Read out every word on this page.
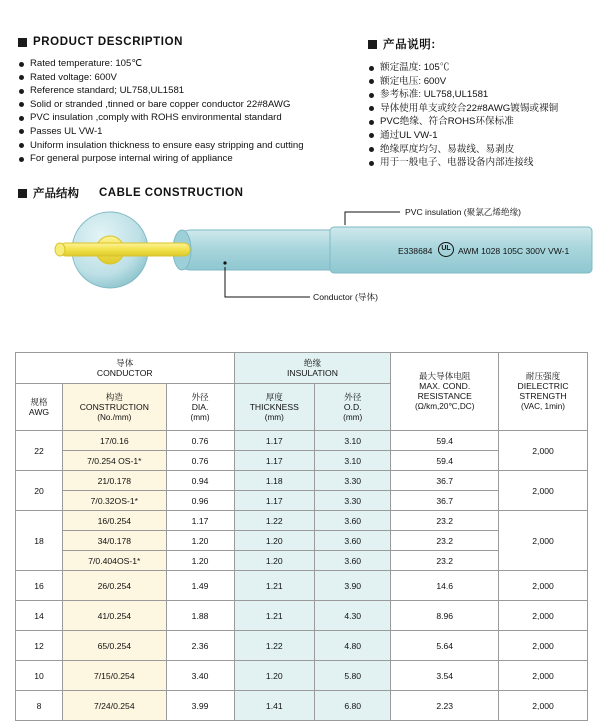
PRODUCT DESCRIPTION
Rated temperature: 105℃
Rated voltage: 600V
Reference standard; UL758,UL1581
Solid or stranded ,tinned or bare copper conductor 22#8AWG
PVC insulation ,comply with ROHS environmental standard
Passes UL VW-1
Uniform insulation thickness to ensure easy stripping and cutting
For general purpose internal wiring of appliance
产品说明:
额定温度: 105℃
额定电压: 600V
参考标准: UL758,UL1581
导体使用单支或绞合22#8AWG镀锡或裸铜
PVC绝缘、符合ROHS环保标准
通过UL VW-1
绝缘厚度均匀、易裁线、易剥皮
用于一般电子、电器设备内部连接线
产品结构 CABLE CONSTRUCTION
PVC insulation (聚氯乙烯绝缘)
Conductor (导体)
E338684	UL AWM 1028 105C 300V VW-1
导体
CONDUCTOR			绝缘
INSULATION		最大导体电阻
MAX. COND.
RESISTANCE
(Ω/km,20℃,DC)	耐压强度
DIELECTRIC
STRENGTH
(VAC, 1min)
规格
AWG	构造
CONSTRUCTION
(No./mm)	外径
DIA.
(mm)	厚度
THICKNESS
(mm)	外径
O.D.
(mm)		
22	17/0.16	0.76	1.17	3.10	59.4	2,000
	7/0.254 OS-1*	0.76	1.17	3.10	59.4	
20	21/0.178	0.94	1.18	3.30	36.7	2,000
	7/0.32OS-1*	0.96	1.17	3.30	36.7	
18	16/0.254	1.17	1.22	3.60	23.2	2,000
	34/0.178	1.20	1.20	3.60	23.2	
	7/0.404OS-1*	1.20	1.20	3.60	23.2	
16	26/0.254	1.49	1.21	3.90	14.6	2,000
14	41/0.254	1.88	1.21	4.30	8.96	2,000
12	65/0.254	2.36	1.22	4.80	5.64	2,000
10	7/15/0.254	3.40	1.20	5.80	3.54	2,000
8	7/24/0.254	3.99	1.41	6.80	2.23	2,000
